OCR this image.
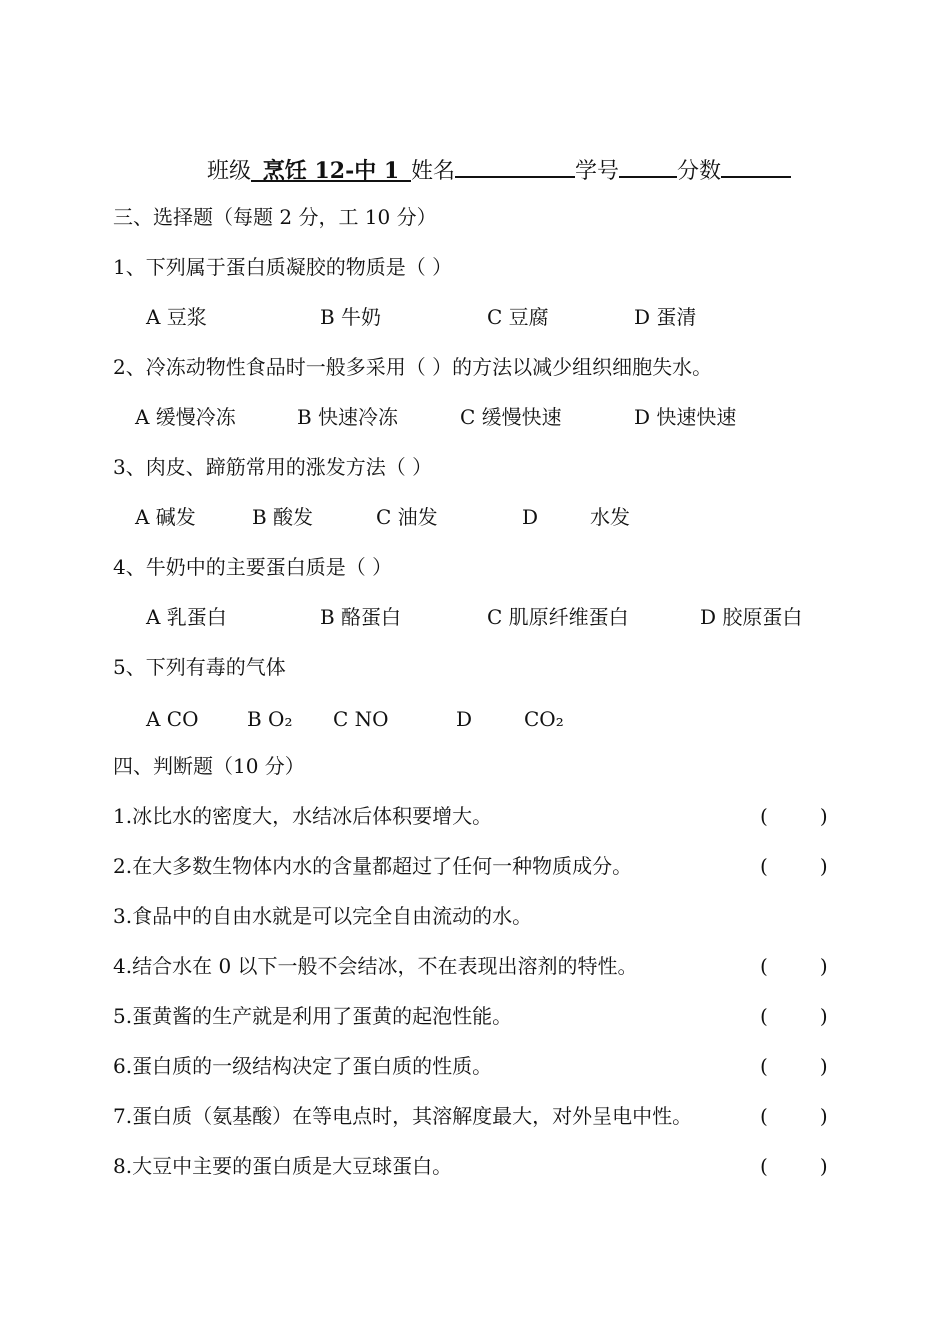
班级 烹饪 12-中 1 姓名	学号	分数
三、选择题（每题 2 分，工 10 分）
1、下列属于蛋白质凝胶的物质是（ ）
A 豆浆	B 牛奶	C 豆腐	D 蛋清
2、冷冻动物性食品时一般多采用（ ）的方法以减少组织细胞失水。
A 缓慢冷冻	B 快速冷冻	C 缓慢快速	D 快速快速
3、肉皮、蹄筋常用的涨发方法（ ）
A 碱发	B 酸发	C 油发	D	水发
4、牛奶中的主要蛋白质是（ ）
A 乳蛋白	B 酪蛋白	C 肌原纤维蛋白	D 胶原蛋白
5、下列有毒的气体
A CO B O₂ C NO	D	CO₂
四、判断题（10 分）
1.冰比水的密度大，水结冰后体积要增大。	(	)
2.在大多数生物体内水的含量都超过了任何一种物质成分。	(	)
3.食品中的自由水就是可以完全自由流动的水。
4.结合水在 0 以下一般不会结冰，不在表现出溶剂的特性。	(	)
5.蛋黄酱的生产就是利用了蛋黄的起泡性能。	(	)
6.蛋白质的一级结构决定了蛋白质的性质。	(	)
7.蛋白质（氨基酸）在等电点时，其溶解度最大，对外呈电中性。	(	)
8.大豆中主要的蛋白质是大豆球蛋白。	(	)
